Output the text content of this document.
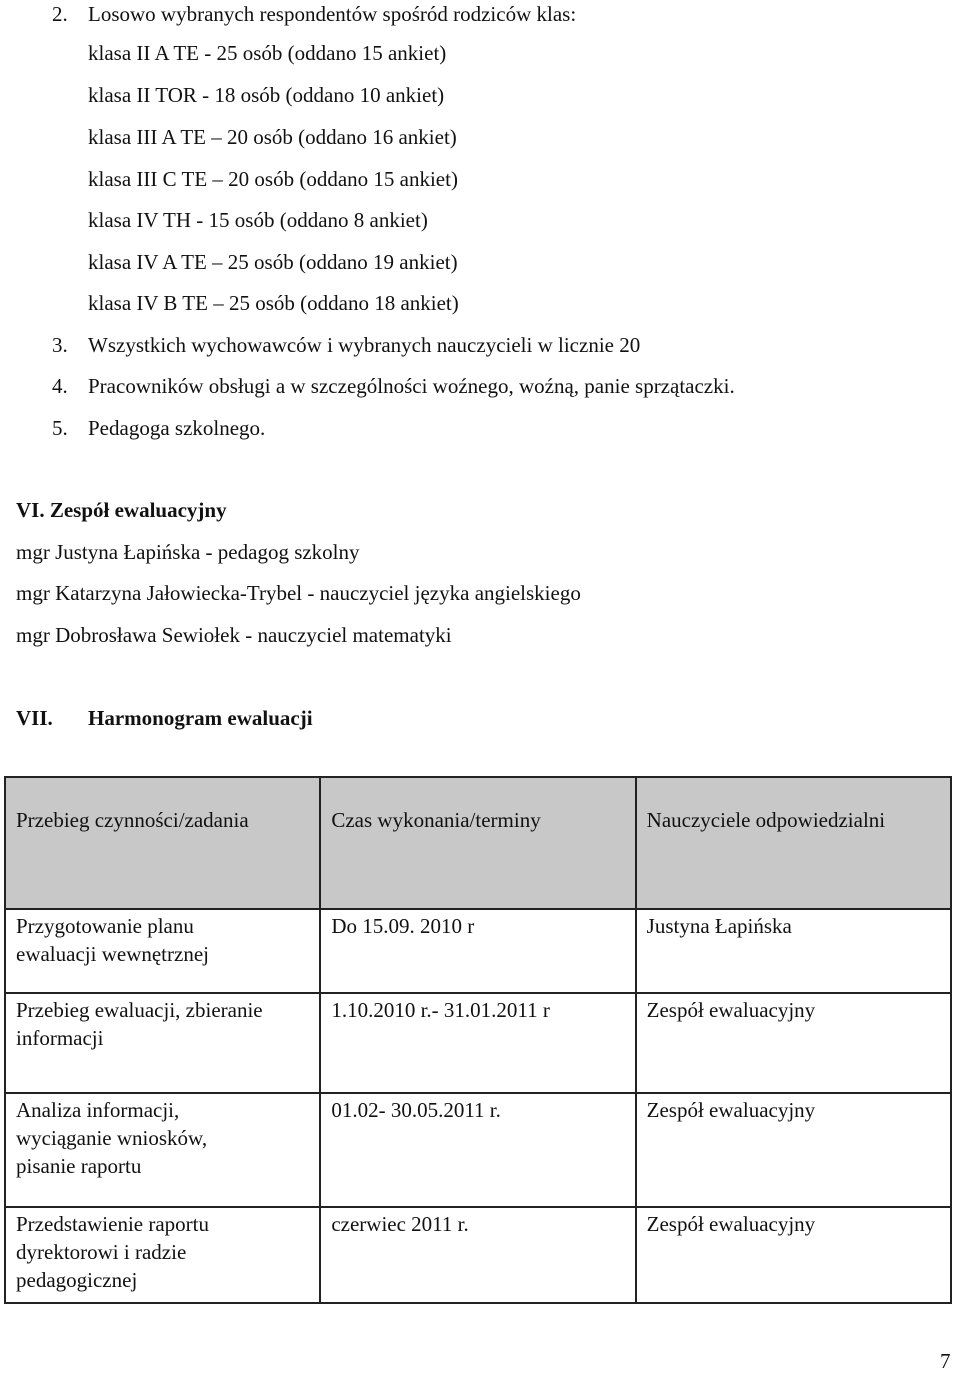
2. Losowo wybranych respondentów spośród rodziców klas:
klasa II A TE - 25 osób (oddano 15 ankiet)
klasa II TOR - 18 osób (oddano 10 ankiet)
klasa III A TE – 20 osób (oddano 16 ankiet)
klasa III C TE – 20 osób (oddano 15 ankiet)
klasa IV TH - 15 osób (oddano 8 ankiet)
klasa IV A TE – 25 osób (oddano 19 ankiet)
klasa IV B TE – 25 osób (oddano 18 ankiet)
3. Wszystkich wychowawców i wybranych nauczycieli w licznie 20
4. Pracowników obsługi a w szczególności woźnego, woźną, panie sprzątaczki.
5. Pedagoga szkolnego.
VI. Zespół ewaluacyjny
mgr Justyna Łapińska - pedagog szkolny
mgr Katarzyna Jałowiecka-Trybel - nauczyciel języka angielskiego
mgr Dobrosława Sewiołek - nauczyciel matematyki
VII. Harmonogram ewaluacji
Przebieg czynności/zadania	Czas wykonania/terminy	Nauczyciele odpowiedzialni
Przygotowanie planu ewaluacji wewnętrznej	Do 15.09. 2010 r	Justyna Łapińska
Przebieg ewaluacji, zbieranie informacji	1.10.2010 r.- 31.01.2011 r	Zespół ewaluacyjny
Analiza informacji, wyciąganie wniosków, pisanie raportu	01.02- 30.05.2011 r.	Zespół ewaluacyjny
Przedstawienie raportu dyrektorowi i radzie pedagogicznej	czerwiec 2011 r.	Zespół ewaluacyjny
7
